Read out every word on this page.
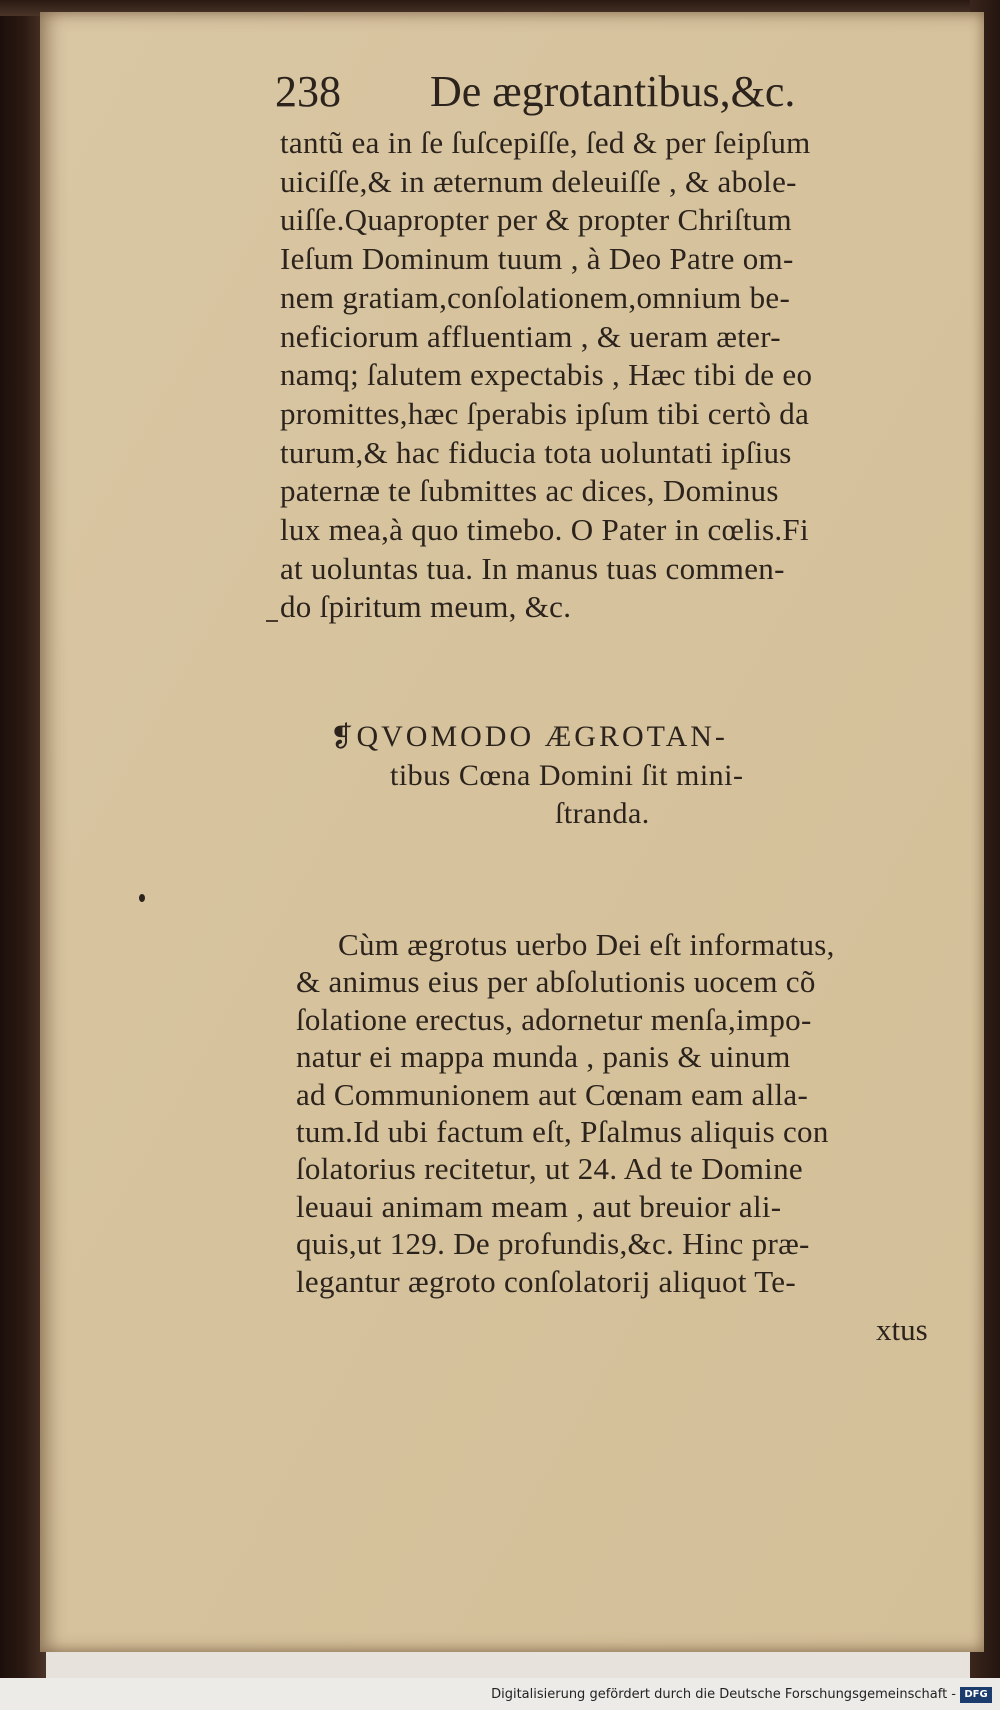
238 De ægrotantibus,&c.
tantũ ea in ſe ſuſcepiſſe, ſed & per ſeipſum
uiciſſe,& in æternum deleuiſſe , & abole-
uiſſe.Quapropter per & propter Chriſtum
Ieſum Dominum tuum , à Deo Patre om-
nem gratiam,conſolationem,omnium be-
neficiorum affluentiam , & ueram æter-
namq; ſalutem expectabis , Hæc tibi de eo
promittes,hæc ſperabis ipſum tibi certò da
turum,& hac fiducia tota uoluntati ipſius
paternæ te ſubmittes ac dices, Dominus
lux mea,à quo timebo. O Pater in cœlis.Fi
at uoluntas tua. In manus tuas commen-
do ſpiritum meum, &c.
❡QVOMODO ÆGROTAN-
tibus Cœna Domini ſit mini-
ſtranda.
Cùm ægrotus uerbo Dei eſt informatus,
& animus eius per abſolutionis uocem cõ
ſolatione erectus, adornetur menſa,impo-
natur ei mappa munda , panis & uinum
ad Communionem aut Cœnam eam alla-
tum.Id ubi factum eſt, Pſalmus aliquis con
ſolatorius recitetur, ut 24. Ad te Domine
leuaui animam meam , aut breuior ali-
quis,ut 129. De profundis,&c. Hinc præ-
legantur ægroto conſolatorij aliquot Te-
xtus
Digitalisierung gefördert durch die Deutsche Forschungsgemeinschaft - DFG
